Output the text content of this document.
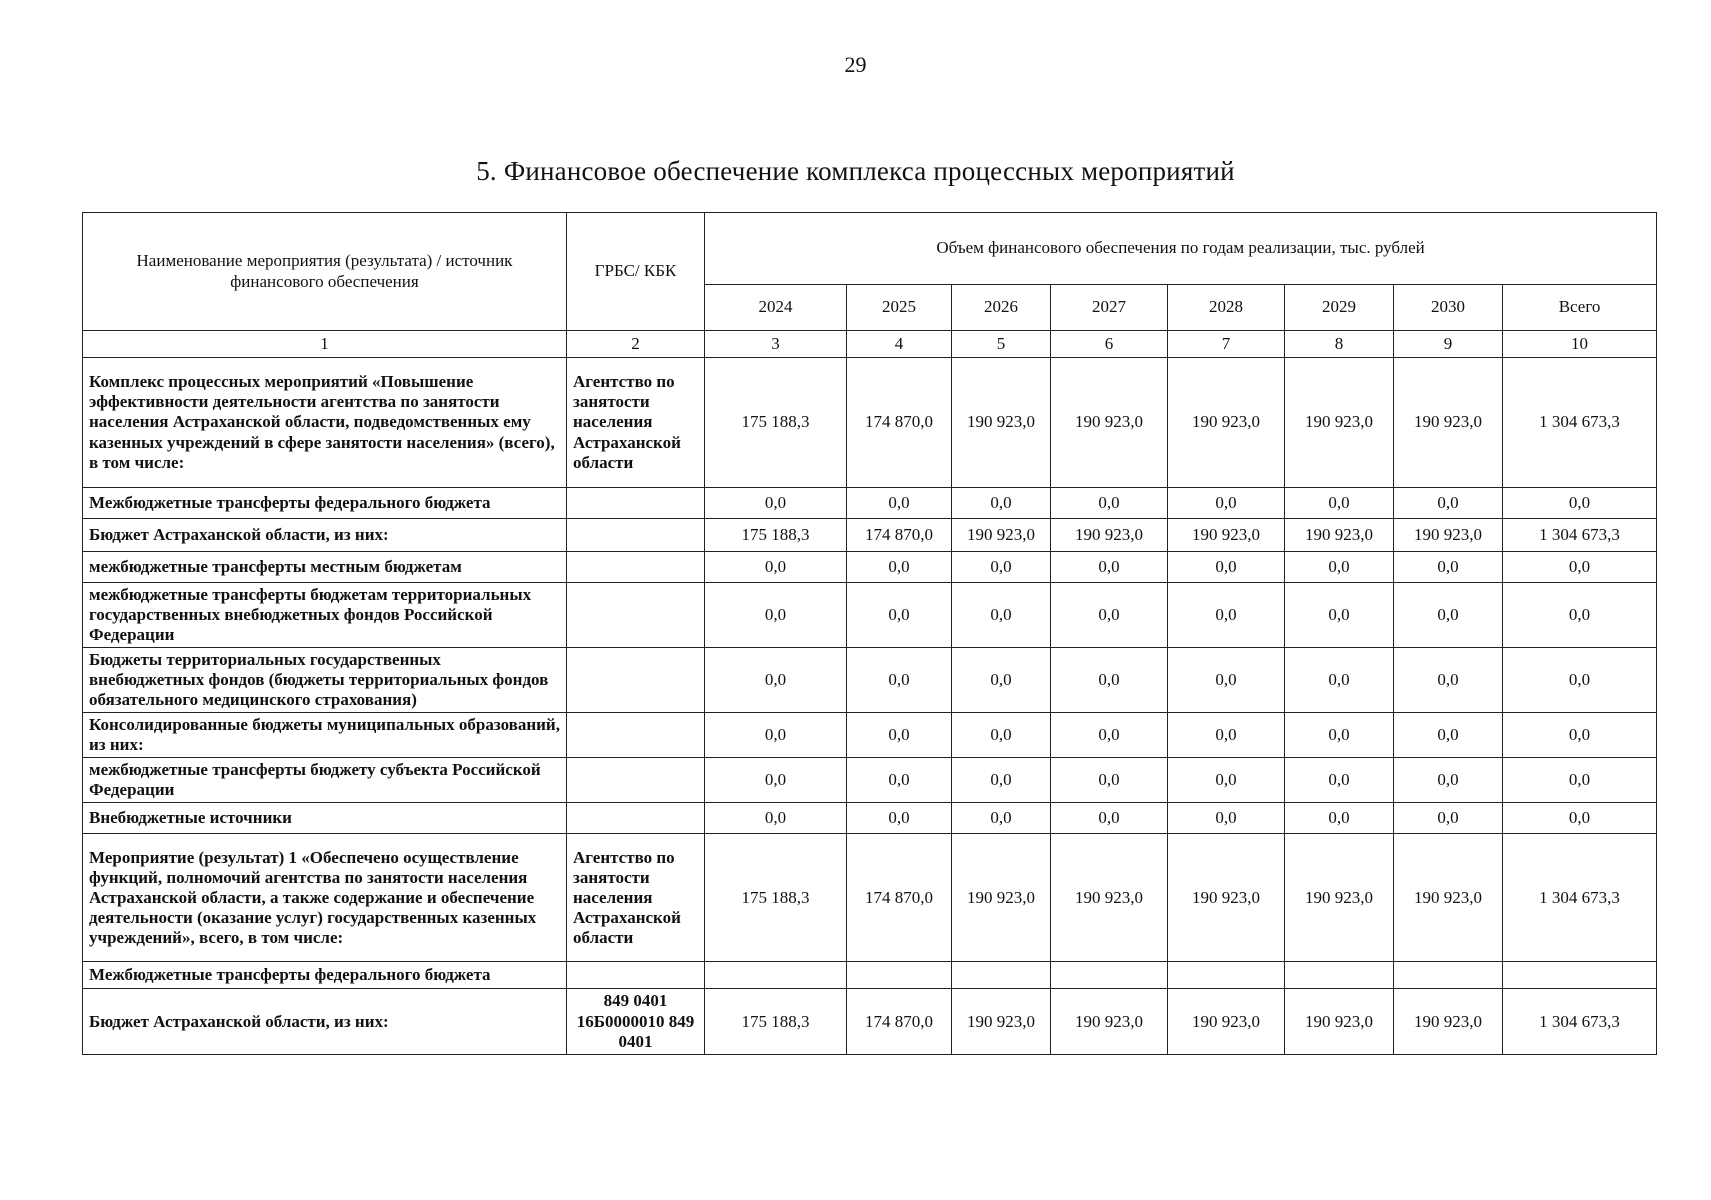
29
5. Финансовое обеспечение комплекса процессных мероприятий
Наименование мероприятия (результата) / источник финансового обеспечения	ГРБС/ КБК	Объем финансового обеспечения по годам реализации, тыс. рублей							
		2024	2025	2026	2027	2028	2029	2030	Всего
1	2	3	4	5	6	7	8	9	10
Комплекс процессных мероприятий «Повышение эффективности деятельности агентства по занятости населения Астраханской области, подведомственных ему казенных учреждений в сфере занятости населения» (всего), в том числе:	Агентство по занятости населения Астраханской области	175 188,3	174 870,0	190 923,0	190 923,0	190 923,0	190 923,0	190 923,0	1 304 673,3
Межбюджетные трансферты федерального бюджета		0,0	0,0	0,0	0,0	0,0	0,0	0,0	0,0
Бюджет Астраханской области, из них:		175 188,3	174 870,0	190 923,0	190 923,0	190 923,0	190 923,0	190 923,0	1 304 673,3
межбюджетные трансферты местным бюджетам		0,0	0,0	0,0	0,0	0,0	0,0	0,0	0,0
межбюджетные трансферты бюджетам территориальных государственных внебюджетных фондов Российской Федерации		0,0	0,0	0,0	0,0	0,0	0,0	0,0	0,0
Бюджеты территориальных государственных внебюджетных фондов (бюджеты территориальных фондов обязательного медицинского страхования)		0,0	0,0	0,0	0,0	0,0	0,0	0,0	0,0
Консолидированные бюджеты муниципальных образований, из них:		0,0	0,0	0,0	0,0	0,0	0,0	0,0	0,0
межбюджетные трансферты бюджету субъекта Российской Федерации		0,0	0,0	0,0	0,0	0,0	0,0	0,0	0,0
Внебюджетные источники		0,0	0,0	0,0	0,0	0,0	0,0	0,0	0,0
Мероприятие (результат) 1 «Обеспечено осуществление функций, полномочий агентства по занятости населения Астраханской области, а также содержание и обеспечение деятельности (оказание услуг) государственных казенных учреждений», всего, в том числе:	Агентство по занятости населения Астраханской области	175 188,3	174 870,0	190 923,0	190 923,0	190 923,0	190 923,0	190 923,0	1 304 673,3
Межбюджетные трансферты федерального бюджета									
Бюджет Астраханской области, из них:	849 0401 16Б0000010 849 0401	175 188,3	174 870,0	190 923,0	190 923,0	190 923,0	190 923,0	190 923,0	1 304 673,3
